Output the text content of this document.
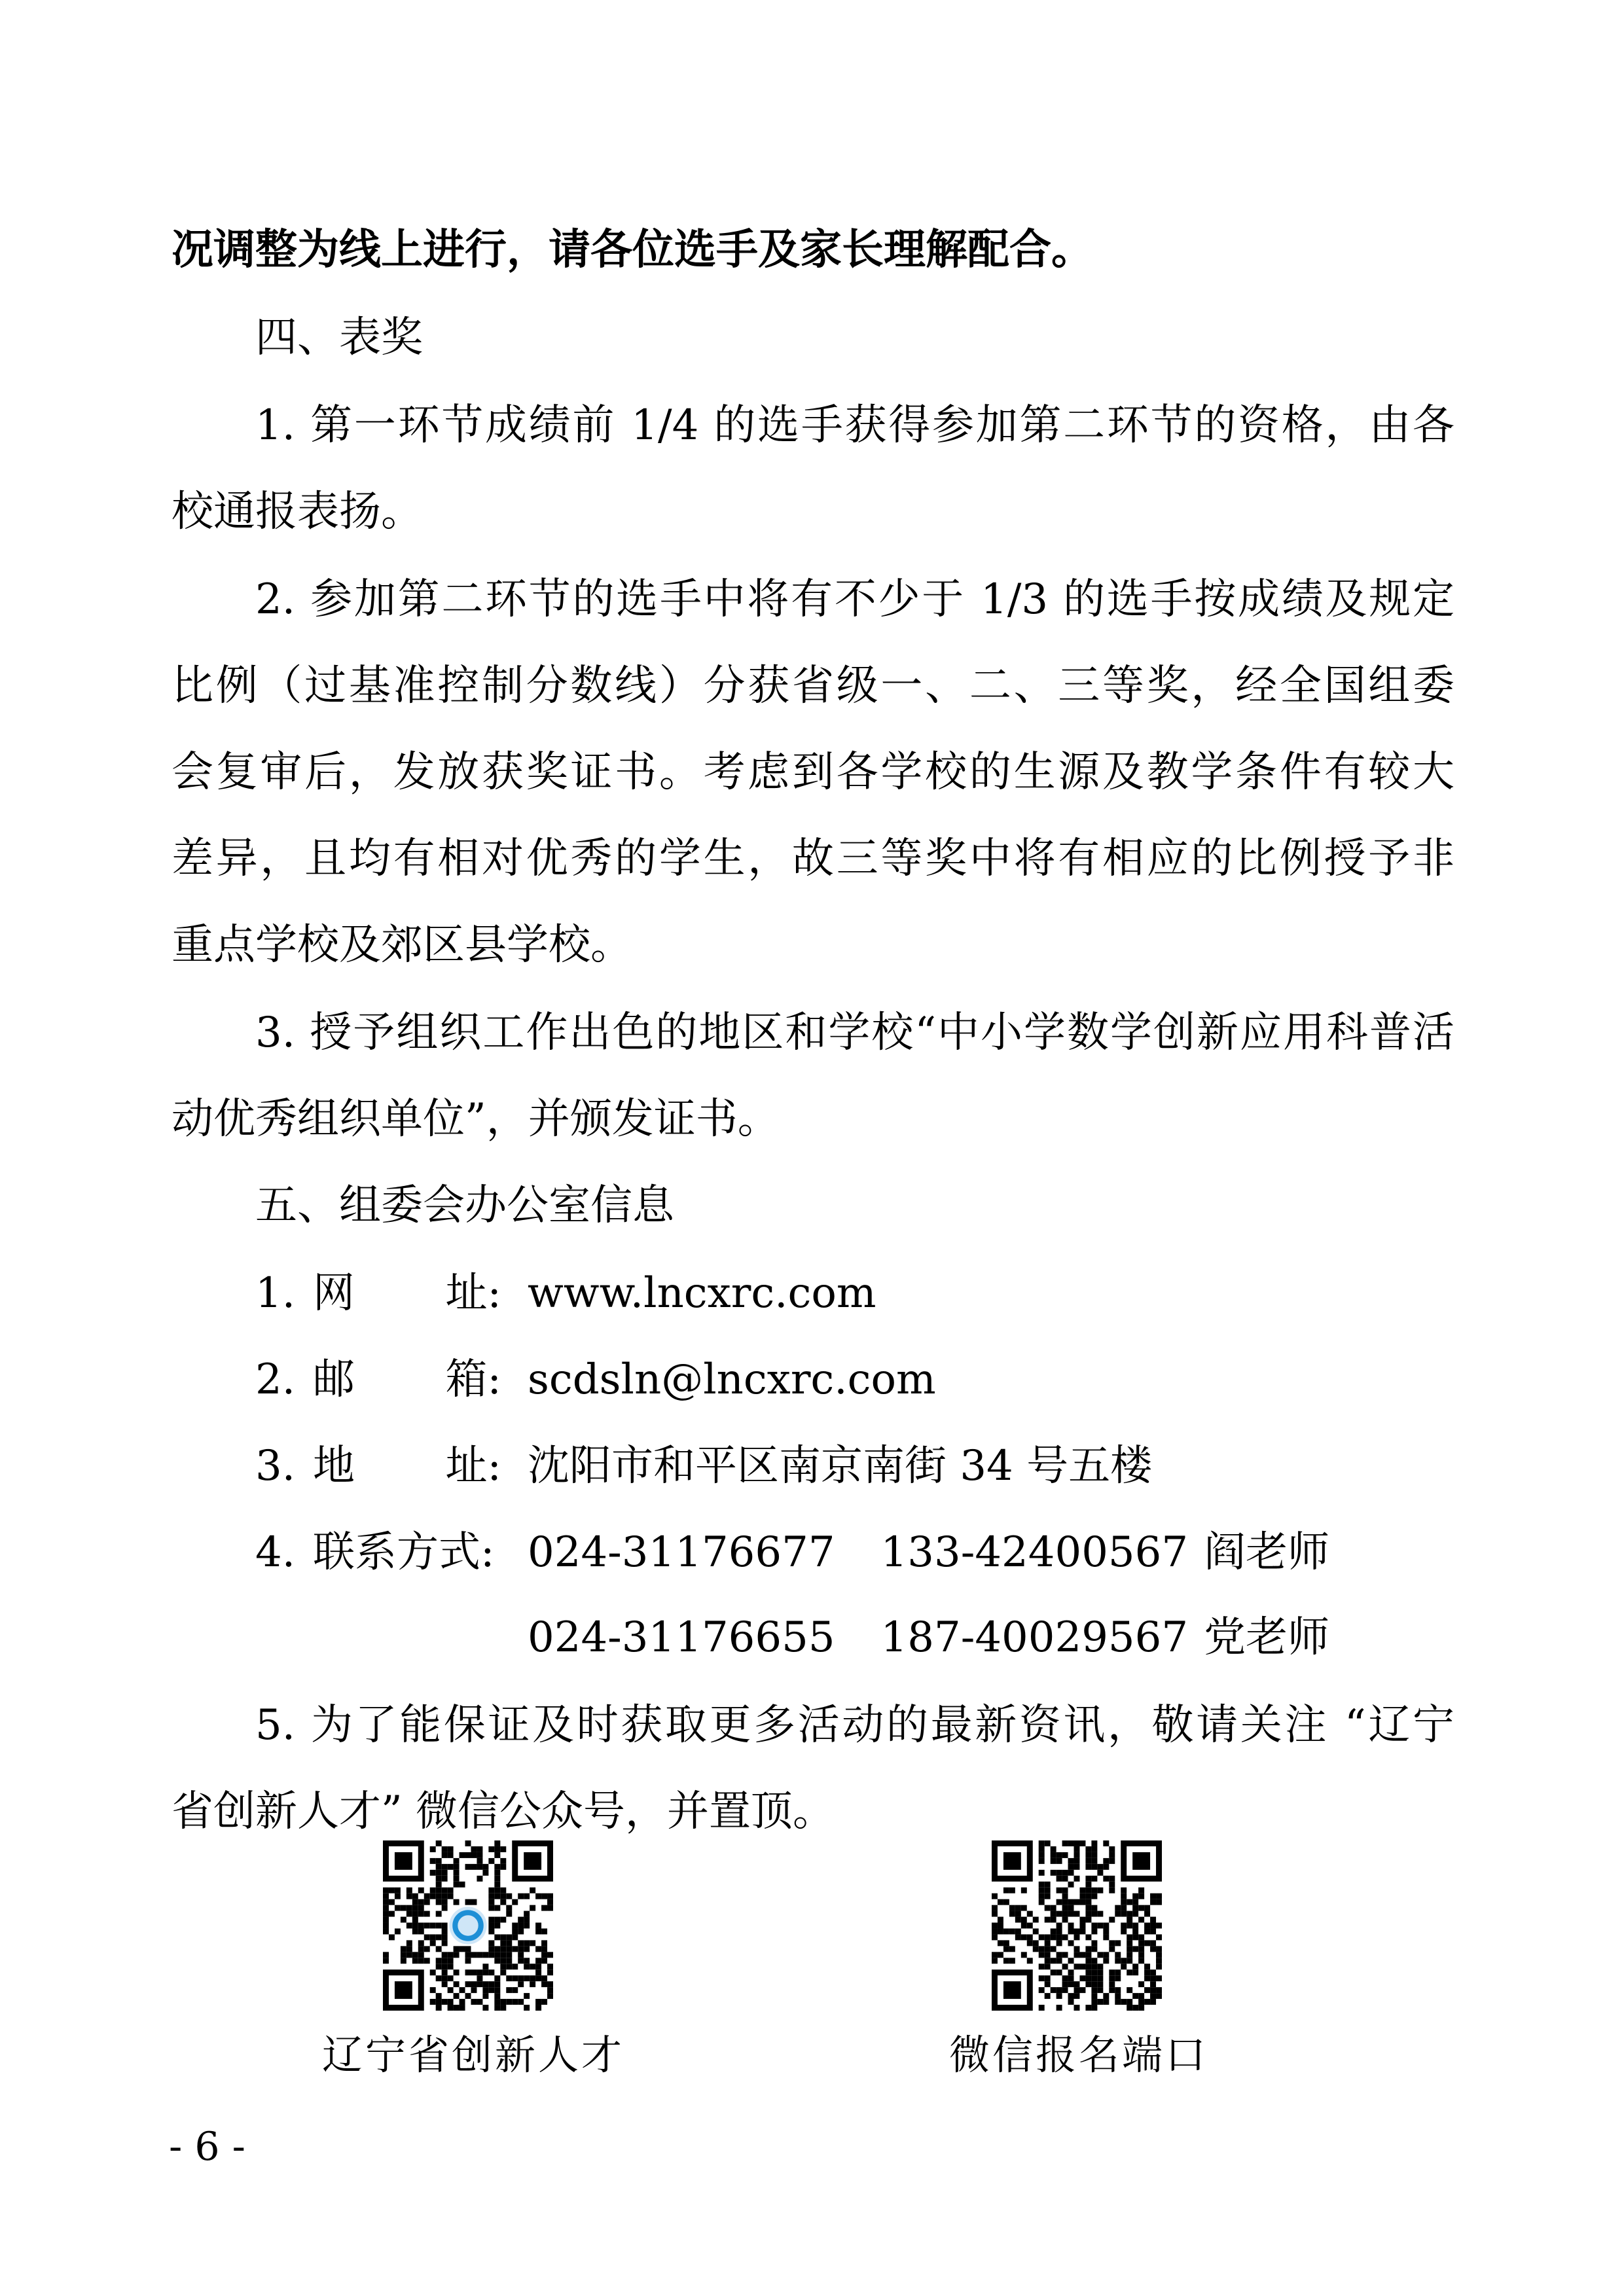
况调整为线上进行，请各位选手及家长理解配合。
四、表奖
1. 第一环节成绩前 1/4 的选手获得参加第二环节的资格，由各
校通报表扬。
2. 参加第二环节的选手中将有不少于 1/3 的选手按成绩及规定
比例（过基准控制分数线）分获省级一、二、三等奖，经全国组委
会复审后，发放获奖证书。考虑到各学校的生源及教学条件有较大
差异，且均有相对优秀的学生，故三等奖中将有相应的比例授予非
重点学校及郊区县学校。
3. 授予组织工作出色的地区和学校“中小学数学创新应用科普活
动优秀组织单位”，并颁发证书。
五、组委会办公室信息
1. 网 址: www.lncxrc.com
2. 邮 箱: scdsln@lncxrc.com
3. 地 址: 沈阳市和平区南京南街 34 号五楼
4. 联系方式: 024-31176677 133-42400567 阎老师
024-31176655 187-40029567 党老师
5. 为了能保证及时获取更多活动的最新资讯，敬请关注 “辽宁
省创新人才” 微信公众号，并置顶。
辽宁省创新人才	微信报名端口
- 6 -
